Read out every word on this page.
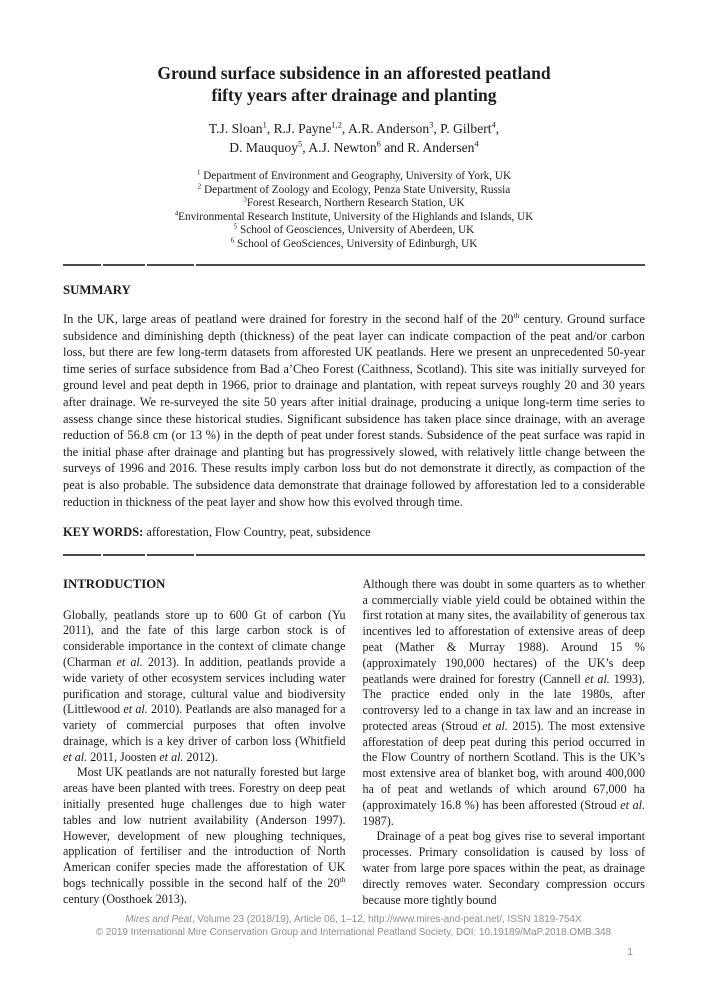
Ground surface subsidence in an afforested peatland
fifty years after drainage and planting
T.J. Sloan$^1$, R.J. Payne$^{1,2}$, A.R. Anderson$^3$, P. Gilbert$^4$,
D. Mauquoy$^5$, A.J. Newton$^6$ and R. Andersen$^4$
$^1$ Department of Environment and Geography, University of York, UK
$^2$ Department of Zoology and Ecology, Penza State University, Russia
$^3$Forest Research, Northern Research Station, UK
$^4$Environmental Research Institute, University of the Highlands and Islands, UK
$^5$ School of Geosciences, University of Aberdeen, UK
$^6$ School of GeoSciences, University of Edinburgh, UK
SUMMARY

In the UK, large areas of peatland were drained for forestry in the second half of the 20th century. Ground surface subsidence and diminishing depth (thickness) of the peat layer can indicate compaction of the peat and/or carbon loss, but there are few long-term datasets from afforested UK peatlands. Here we present an unprecedented 50-year time series of surface subsidence from Bad a’Cheo Forest (Caithness, Scotland). This site was initially surveyed for ground level and peat depth in 1966, prior to drainage and plantation, with repeat surveys roughly 20 and 30 years after drainage. We re-surveyed the site 50 years after initial drainage, producing a unique long-term time series to assess change since these historical studies. Significant subsidence has taken place since drainage, with an average reduction of 56.8 cm (or 13 %) in the depth of peat under forest stands. Subsidence of the peat surface was rapid in the initial phase after drainage and planting but has progressively slowed, with relatively little change between the surveys of 1996 and 2016. These results imply carbon loss but do not demonstrate it directly, as compaction of the peat is also probable. The subsidence data demonstrate that drainage followed by afforestation led to a considerable reduction in thickness of the peat layer and show how this evolved through time.

KEY WORDS: afforestation, Flow Country, peat, subsidence
INTRODUCTION

Globally, peatlands store up to 600 Gt of carbon (Yu 2011), and the fate of this large carbon stock is of considerable importance in the context of climate change (Charman et al. 2013). In addition, peatlands provide a wide variety of other ecosystem services including water purification and storage, cultural value and biodiversity (Littlewood et al. 2010). Peatlands are also managed for a variety of commercial purposes that often involve drainage, which is a key driver of carbon loss (Whitfield et al. 2011, Joosten et al. 2012).

Most UK peatlands are not naturally forested but large areas have been planted with trees. Forestry on deep peat initially presented huge challenges due to high water tables and low nutrient availability (Anderson 1997). However, development of new ploughing techniques, application of fertiliser and the introduction of North American conifer species made the afforestation of UK bogs technically possible in the second half of the 20th century (Oosthoek 2013).

Although there was doubt in some quarters as to whether a commercially viable yield could be obtained within the first rotation at many sites, the availability of generous tax incentives led to afforestation of extensive areas of deep peat (Mather & Murray 1988). Around 15 % (approximately 190,000 hectares) of the UK’s deep peatlands were drained for forestry (Cannell et al. 1993). The practice ended only in the late 1980s, after controversy led to a change in tax law and an increase in protected areas (Stroud et al. 2015). The most extensive afforestation of deep peat during this period occurred in the Flow Country of northern Scotland. This is the UK’s most extensive area of blanket bog, with around 400,000 ha of peat and wetlands of which around 67,000 ha (approximately 16.8 %) has been afforested (Stroud et al. 1987).

Drainage of a peat bog gives rise to several important processes. Primary consolidation is caused by loss of water from large pore spaces within the peat, as drainage directly removes water. Secondary compression occurs because more tightly bound

Mires and Peat, Volume 23 (2018/19), Article 06, 1–12, http://www.mires-and-peat.net/, ISSN 1819-754X
© 2019 International Mire Conservation Group and International Peatland Society, DOI: 10.19189/MaP.2018.OMB.348
1
